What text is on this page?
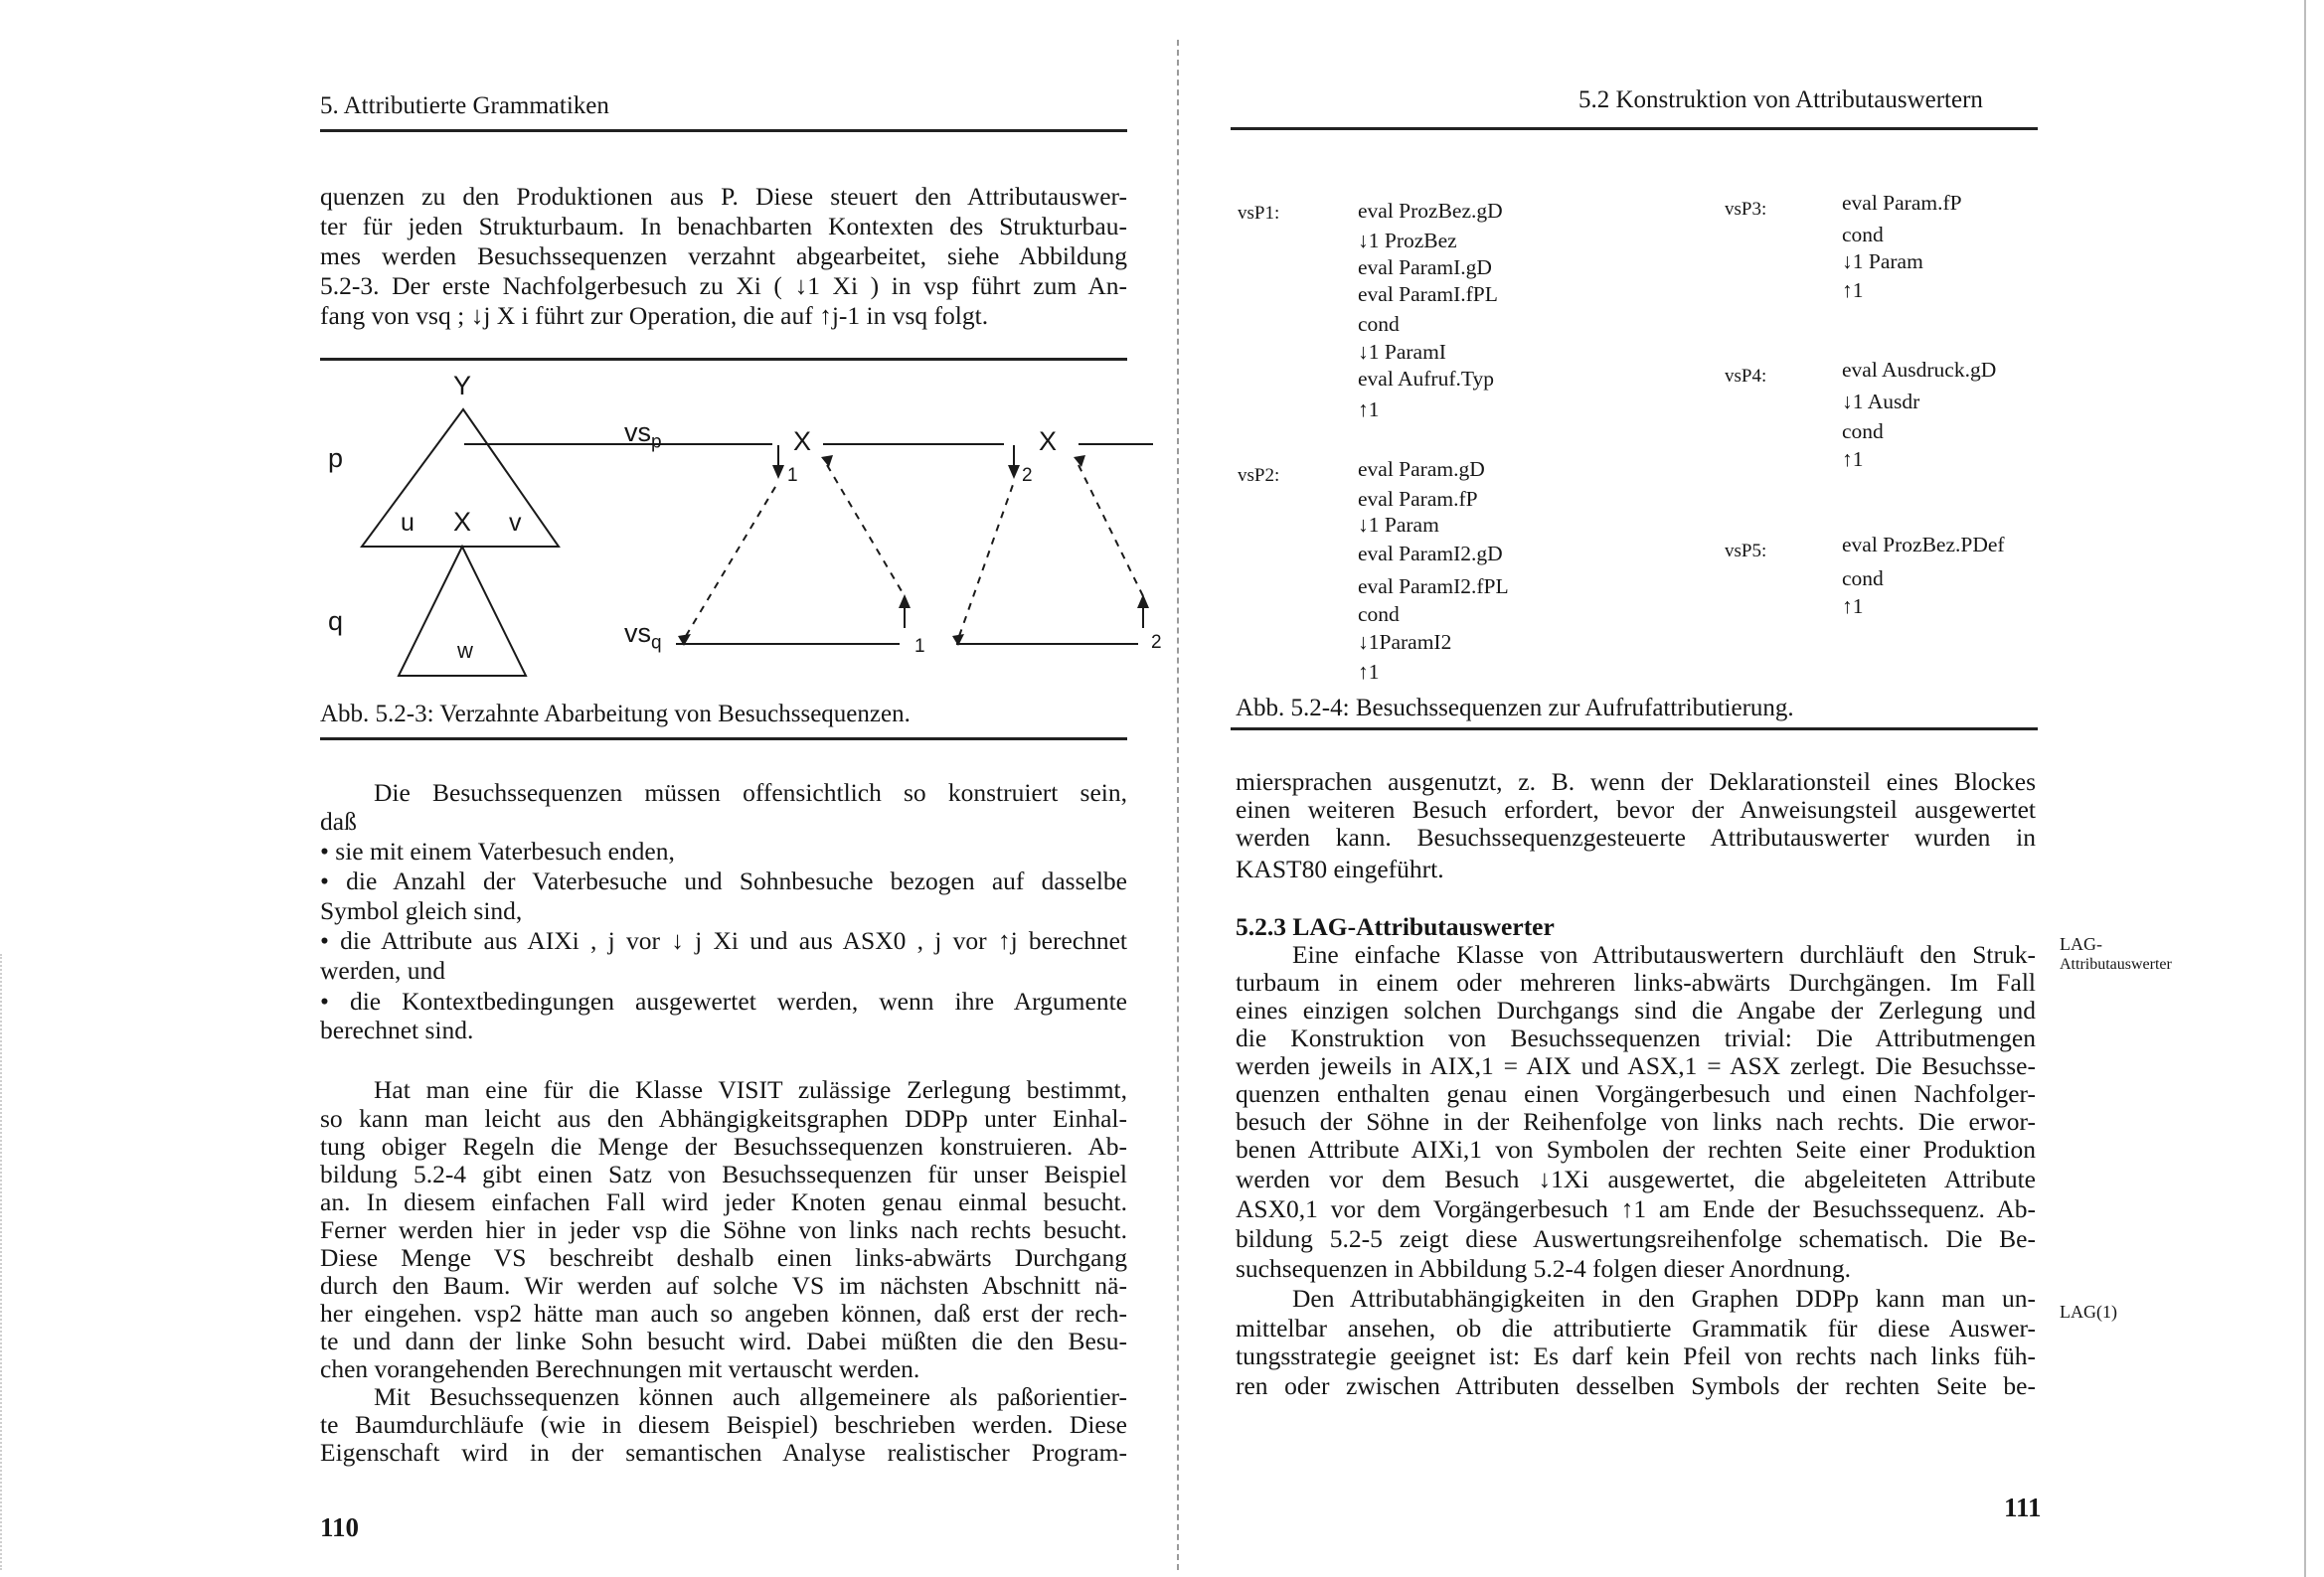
5. Attributierte Grammatiken
quenzen zu den Produktionen aus P. Diese steuert den Attributauswer-
ter für jeden Strukturbaum. In benachbarten Kontexten des Strukturbau-
mes werden Besuchssequenzen verzahnt abgearbeitet, siehe Abbildung
5.2-3. Der erste Nachfolgerbesuch zu Xi ( ↓1 Xi ) in vsp führt zum An-
fang von vsq ; ↓j X i führt zur Operation, die auf ↑j-1 in vsq folgt.
Y
p
q
u X v
w
$vs_p$
$vs_q$
X	X
1	2
1	2
Abb. 5.2-3: Verzahnte Abarbeitung von Besuchssequenzen.
Die Besuchssequenzen müssen offensichtlich so konstruiert sein,
daß
• sie mit einem Vaterbesuch enden,
• die Anzahl der Vaterbesuche und Sohnbesuche bezogen auf dasselbe
Symbol gleich sind,
• die Attribute aus AIXi , j vor ↓ j Xi und aus ASX0 , j vor ↑j berechnet
werden, und
• die Kontextbedingungen ausgewertet werden, wenn ihre Argumente
berechnet sind.
Hat man eine für die Klasse VISIT zulässige Zerlegung bestimmt,
so kann man leicht aus den Abhängigkeitsgraphen DDPp unter Einhal-
tung obiger Regeln die Menge der Besuchssequenzen konstruieren. Ab-
bildung 5.2-4 gibt einen Satz von Besuchssequenzen für unser Beispiel
an. In diesem einfachen Fall wird jeder Knoten genau einmal besucht.
Ferner werden hier in jeder vsp die Söhne von links nach rechts besucht.
Diese Menge VS beschreibt deshalb einen links-abwärts Durchgang
durch den Baum. Wir werden auf solche VS im nächsten Abschnitt nä-
her eingehen. vsp2 hätte man auch so angeben können, daß erst der rech-
te und dann der linke Sohn besucht wird. Dabei müßten die den Besu-
chen vorangehenden Berechnungen mit vertauscht werden.
Mit Besuchssequenzen können auch allgemeinere als paßorientier-
te Baumdurchläufe (wie in diesem Beispiel) beschrieben werden. Diese
Eigenschaft wird in der semantischen Analyse realistischer Program-
110
5.2 Konstruktion von Attributauswertern
vsP1:	eval ProzBez.gD
↓1 ProzBez
eval ParamI.gD
eval ParamI.fPL
cond
↓1 ParamI
eval Aufruf.Typ
↑1
vsP2:	eval Param.gD
eval Param.fP
↓1 Param
eval ParamI2.gD
eval ParamI2.fPL
cond
↓1ParamI2
↑1
vsP3:	eval Param.fP
cond
↓1 Param
↑1
vsP4:	eval Ausdruck.gD
↓1 Ausdr
cond
↑1
vsP5:	eval ProzBez.PDef
cond
↑1
Abb. 5.2-4: Besuchssequenzen zur Aufrufattributierung.
miersprachen ausgenutzt, z. B. wenn der Deklarationsteil eines Blockes
einen weiteren Besuch erfordert, bevor der Anweisungsteil ausgewertet
werden kann. Besuchssequenzgesteuerte Attributauswerter wurden in
KAST80 eingeführt.
5.2.3 LAG-Attributauswerter
Eine einfache Klasse von Attributauswertern durchläuft den Struk-
turbaum in einem oder mehreren links-abwärts Durchgängen. Im Fall
eines einzigen solchen Durchgangs sind die Angabe der Zerlegung und
die Konstruktion von Besuchssequenzen trivial: Die Attributmengen
werden jeweils in AIX,1 = AIX und ASX,1 = ASX zerlegt. Die Besuchsse-
quenzen enthalten genau einen Vorgängerbesuch und einen Nachfolger-
besuch der Söhne in der Reihenfolge von links nach rechts. Die erwor-
benen Attribute AIXi,1 von Symbolen der rechten Seite einer Produktion
werden vor dem Besuch ↓1Xi ausgewertet, die abgeleiteten Attribute
ASX0,1 vor dem Vorgängerbesuch ↑1 am Ende der Besuchssequenz. Ab-
bildung 5.2-5 zeigt diese Auswertungsreihenfolge schematisch. Die Be-
suchsequenzen in Abbildung 5.2-4 folgen dieser Anordnung.
Den Attributabhängigkeiten in den Graphen DDPp kann man un-
mittelbar ansehen, ob die attributierte Grammatik für diese Auswer-
tungsstrategie geeignet ist: Es darf kein Pfeil von rechts nach links füh-
ren oder zwischen Attributen desselben Symbols der rechten Seite be-
LAG-
Attributauswerter
LAG(1)
111
